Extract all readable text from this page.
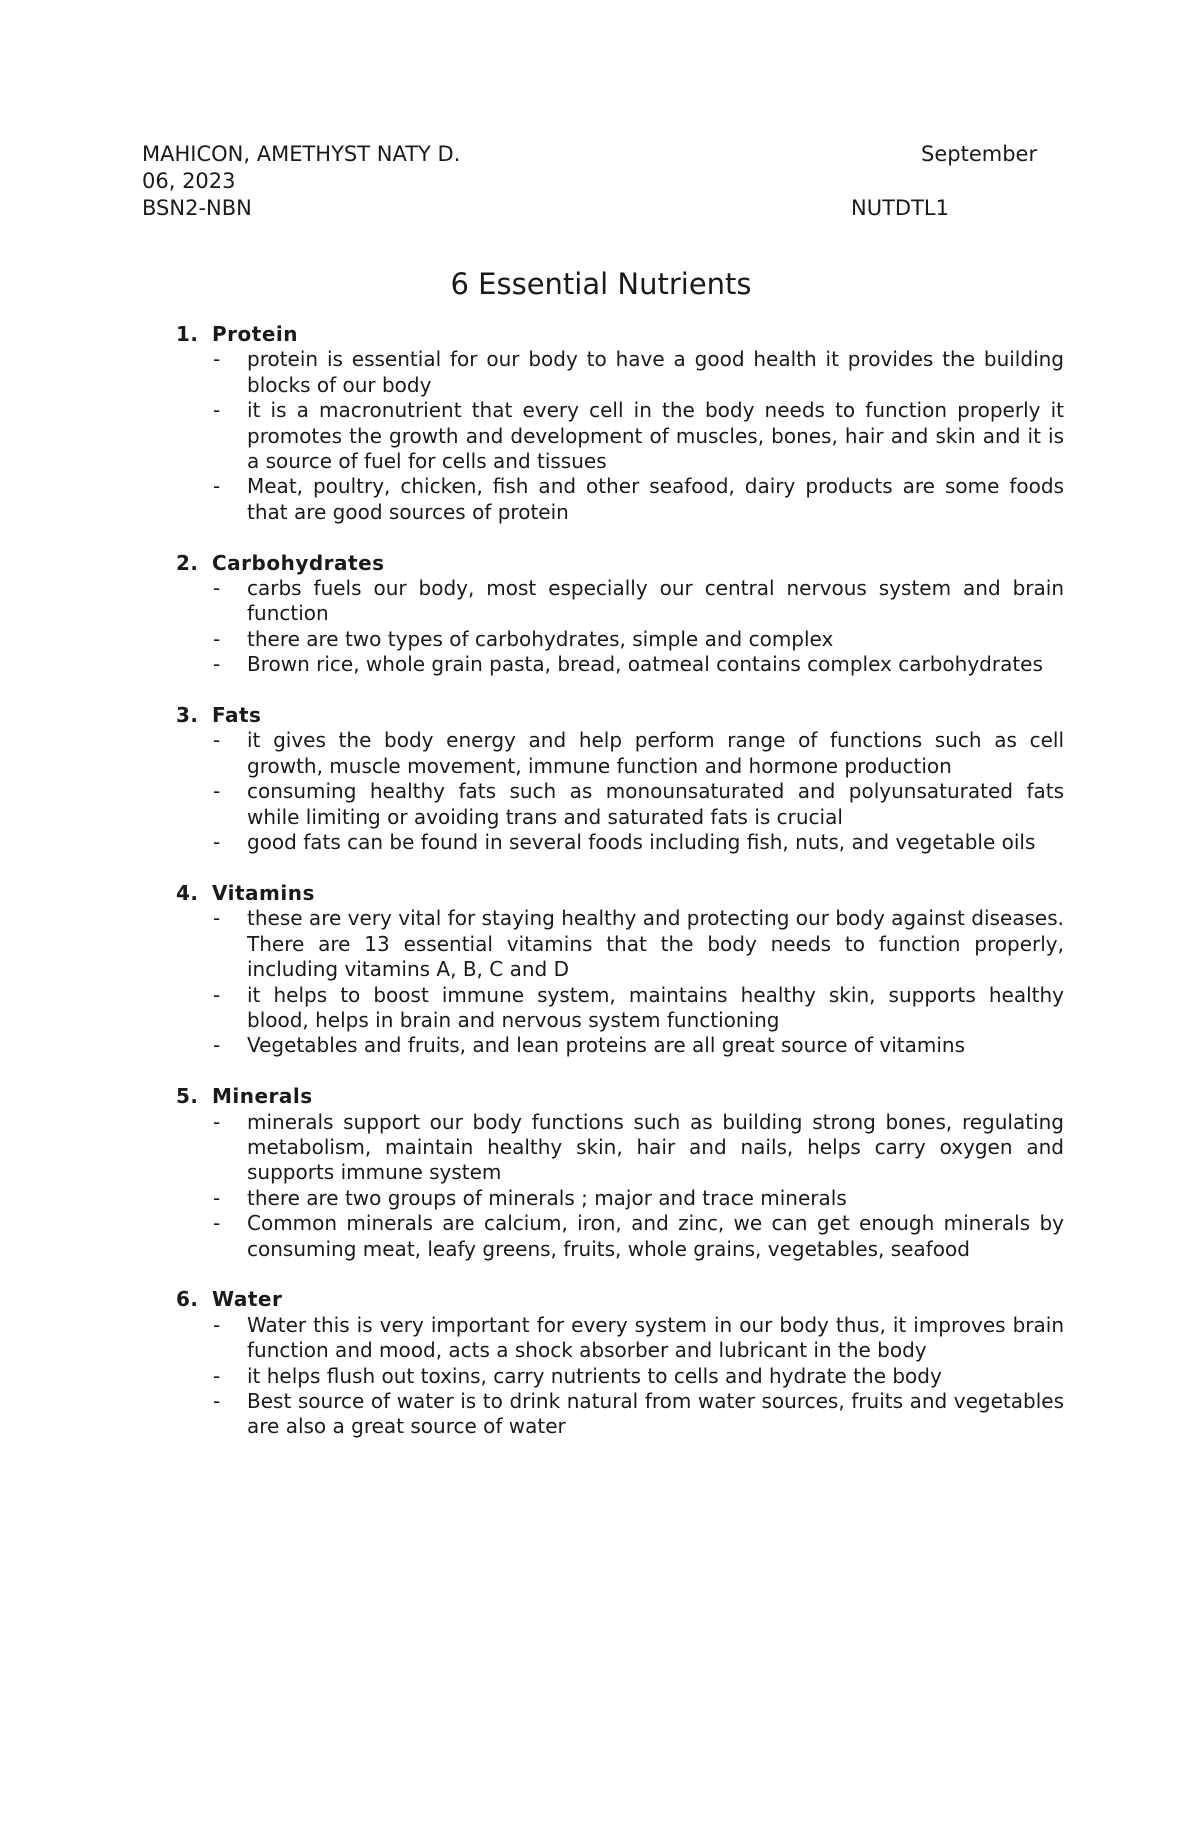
MAHICON, AMETHYST NATY D.	September
06, 2023
BSN2-NBN	NUTDTL1
6 Essential Nutrients
1. Protein
- protein is essential for our body to have a good health it provides the building blocks of our body
- it is a macronutrient that every cell in the body needs to function properly it promotes the growth and development of muscles, bones, hair and skin and it is a source of fuel for cells and tissues
- Meat, poultry, chicken, fish and other seafood, dairy products are some foods that are good sources of protein
2. Carbohydrates
- carbs fuels our body, most especially our central nervous system and brain function
- there are two types of carbohydrates, simple and complex
- Brown rice, whole grain pasta, bread, oatmeal contains complex carbohydrates
3. Fats
- it gives the body energy and help perform range of functions such as cell growth, muscle movement, immune function and hormone production
- consuming healthy fats such as monounsaturated and polyunsaturated fats while limiting or avoiding trans and saturated fats is crucial
- good fats can be found in several foods including fish, nuts, and vegetable oils
4. Vitamins
- these are very vital for staying healthy and protecting our body against diseases. There are 13 essential vitamins that the body needs to function properly, including vitamins A, B, C and D
- it helps to boost immune system, maintains healthy skin, supports healthy blood, helps in brain and nervous system functioning
- Vegetables and fruits, and lean proteins are all great source of vitamins
5. Minerals
- minerals support our body functions such as building strong bones, regulating metabolism, maintain healthy skin, hair and nails, helps carry oxygen and supports immune system
- there are two groups of minerals ; major and trace minerals
- Common minerals are calcium, iron, and zinc, we can get enough minerals by consuming meat, leafy greens, fruits, whole grains, vegetables, seafood
6. Water
- Water this is very important for every system in our body thus, it improves brain function and mood, acts a shock absorber and lubricant in the body
- it helps flush out toxins, carry nutrients to cells and hydrate the body
- Best source of water is to drink natural from water sources, fruits and vegetables are also a great source of water
